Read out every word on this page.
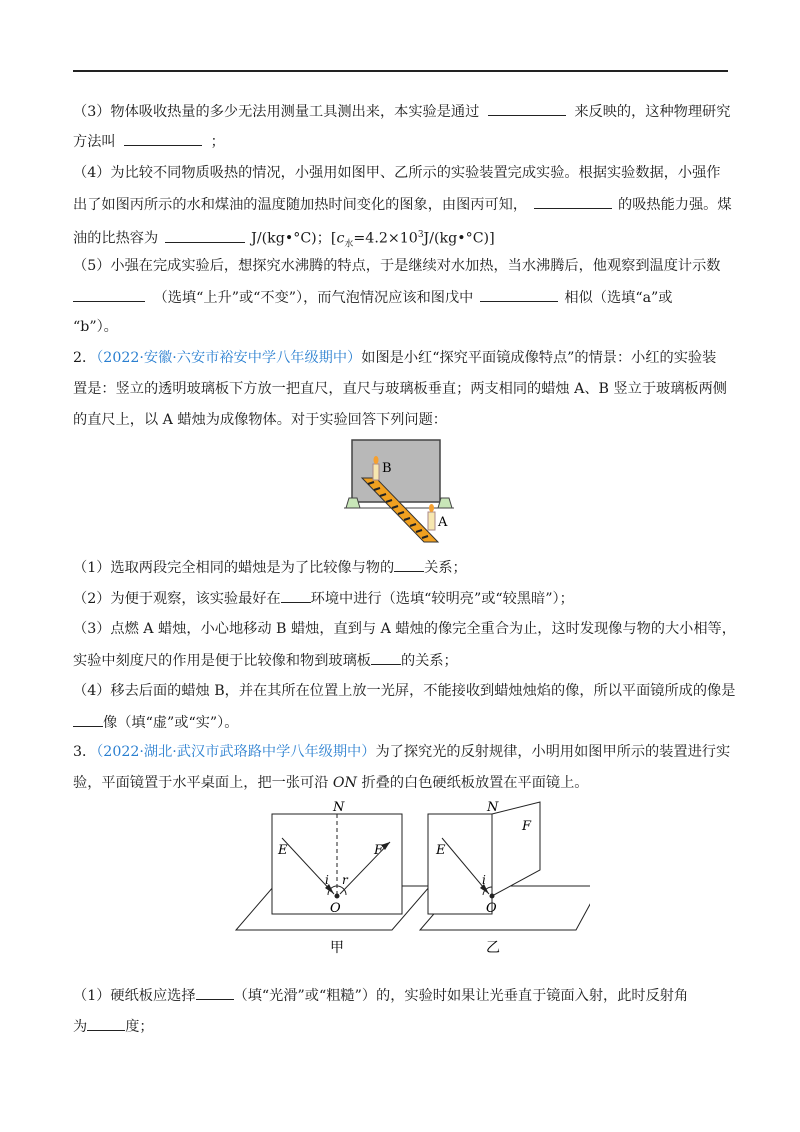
（3）物体吸收热量的多少无法用测量工具测出来，本实验是通过	来反映的，这种物理研究
方法叫	；
（4）为比较不同物质吸热的情况，小强用如图甲、乙所示的实验装置完成实验。根据实验数据，小强作
出了如图丙所示的水和煤油的温度随加热时间变化的图象，由图丙可知，	的吸热能力强。煤
油的比热容为	J/(kg•°C)；$[c_水=4.2\times 10^3J/(kg•^\circ C)]$
（5）小强在完成实验后，想探究水沸腾的特点，于是继续对水加热，当水沸腾后，他观察到温度计示数
（选填“上升”或“不变”），而气泡情况应该和图戊中	相似（选填“a”或
“b”）。
2．（2022·安徽·六安市裕安中学八年级期中）如图是小红“探究平面镜成像特点”的情景：小红的实验装
置是：竖立的透明玻璃板下方放一把直尺，直尺与玻璃板垂直；两支相同的蜡烛 A、B 竖立于玻璃板两侧
的直尺上，以 A 蜡烛为成像物体。对于实验回答下列问题：
B
A
（1）选取两段完全相同的蜡烛是为了比较像与物的 关系；
（2）为便于观察，该实验最好在 环境中进行（选填“较明亮”或“较黑暗”）；
（3）点燃 A 蜡烛，小心地移动 B 蜡烛，直到与 A 蜡烛的像完全重合为止，这时发现像与物的大小相等，
实验中刻度尺的作用是便于比较像和物到玻璃板 的关系；
（4）移去后面的蜡烛 B，并在其所在位置上放一光屏，不能接收到蜡烛烛焰的像，所以平面镜所成的像是
像（填“虚”或“实”）。
3．（2022·湖北·武汉市武珞路中学八年级期中）为了探究光的反射规律，小明用如图甲所示的装置进行实
验，平面镜置于水平桌面上，把一张可沿 ON 折叠的白色硬纸板放置在平面镜上。
N
E	F
i r
O
甲
N
E
F
i
O
乙
（1）硬纸板应选择	（填“光滑”或“粗糙”）的，实验时如果让光垂直于镜面入射，此时反射角
为	度；
